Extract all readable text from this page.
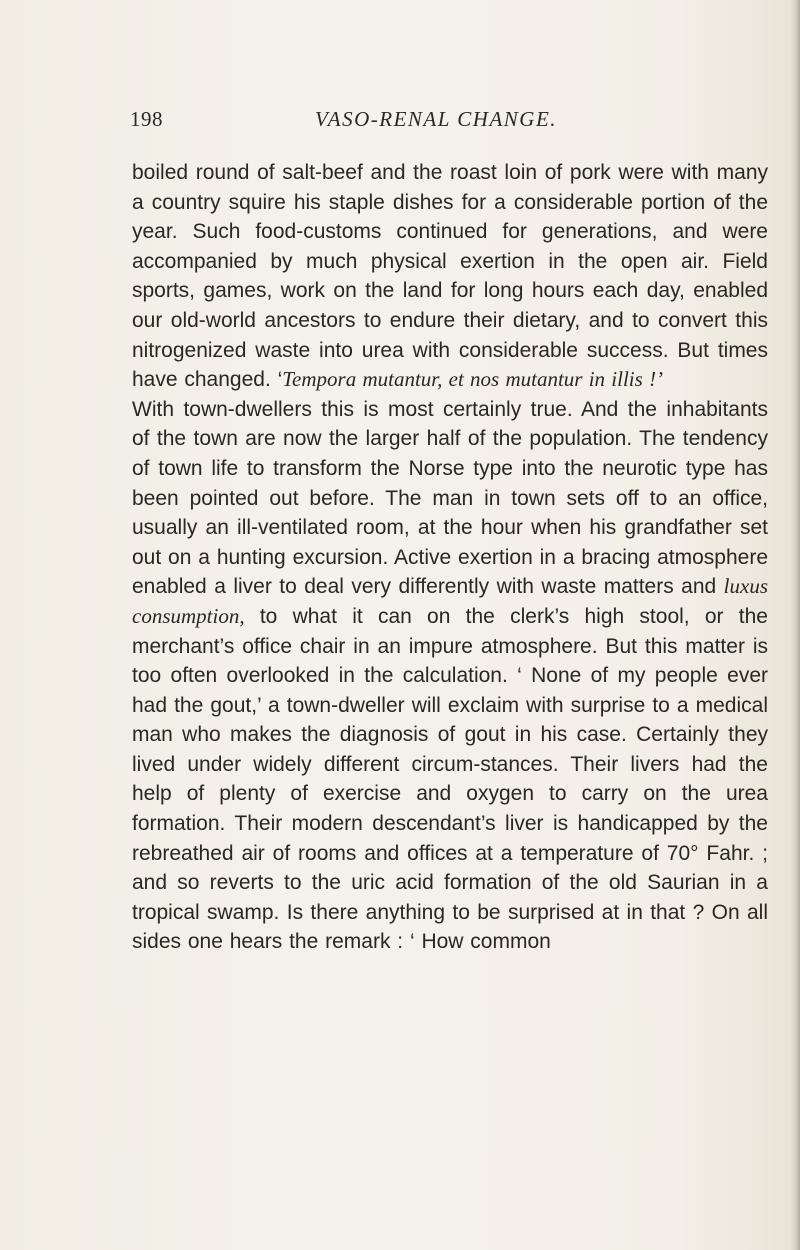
198	VASO-RENAL CHANGE.

boiled round of salt-beef and the roast loin of pork were with many a country squire his staple dishes for a considerable portion of the year. Such food-customs continued for generations, and were accompanied by much physical exertion in the open air. Field sports, games, work on the land for long hours each day, enabled our old-world ancestors to endure their dietary, and to convert this nitrogenized waste into urea with considerable success. But times have changed. ‘Tempora mutantur, et nos mutantur in illis !’

With town-dwellers this is most certainly true. And the inhabitants of the town are now the larger half of the population. The tendency of town life to transform the Norse type into the neurotic type has been pointed out before. The man in town sets off to an office, usually an ill-ventilated room, at the hour when his grandfather set out on a hunting excursion. Active exertion in a bracing atmosphere enabled a liver to deal very differently with waste matters and luxus consumption, to what it can on the clerk’s high stool, or the merchant’s office chair in an impure atmosphere. But this matter is too often overlooked in the calculation. ‘ None of my people ever had the gout,’ a town-dweller will exclaim with surprise to a medical man who makes the diagnosis of gout in his case. Certainly they lived under widely different circum-stances. Their livers had the help of plenty of exercise and oxygen to carry on the urea formation. Their modern descendant’s liver is handicapped by the rebreathed air of rooms and offices at a temperature of 70° Fahr. ; and so reverts to the uric acid formation of the old Saurian in a tropical swamp. Is there anything to be surprised at in that ? On all sides one hears the remark : ‘ How common
